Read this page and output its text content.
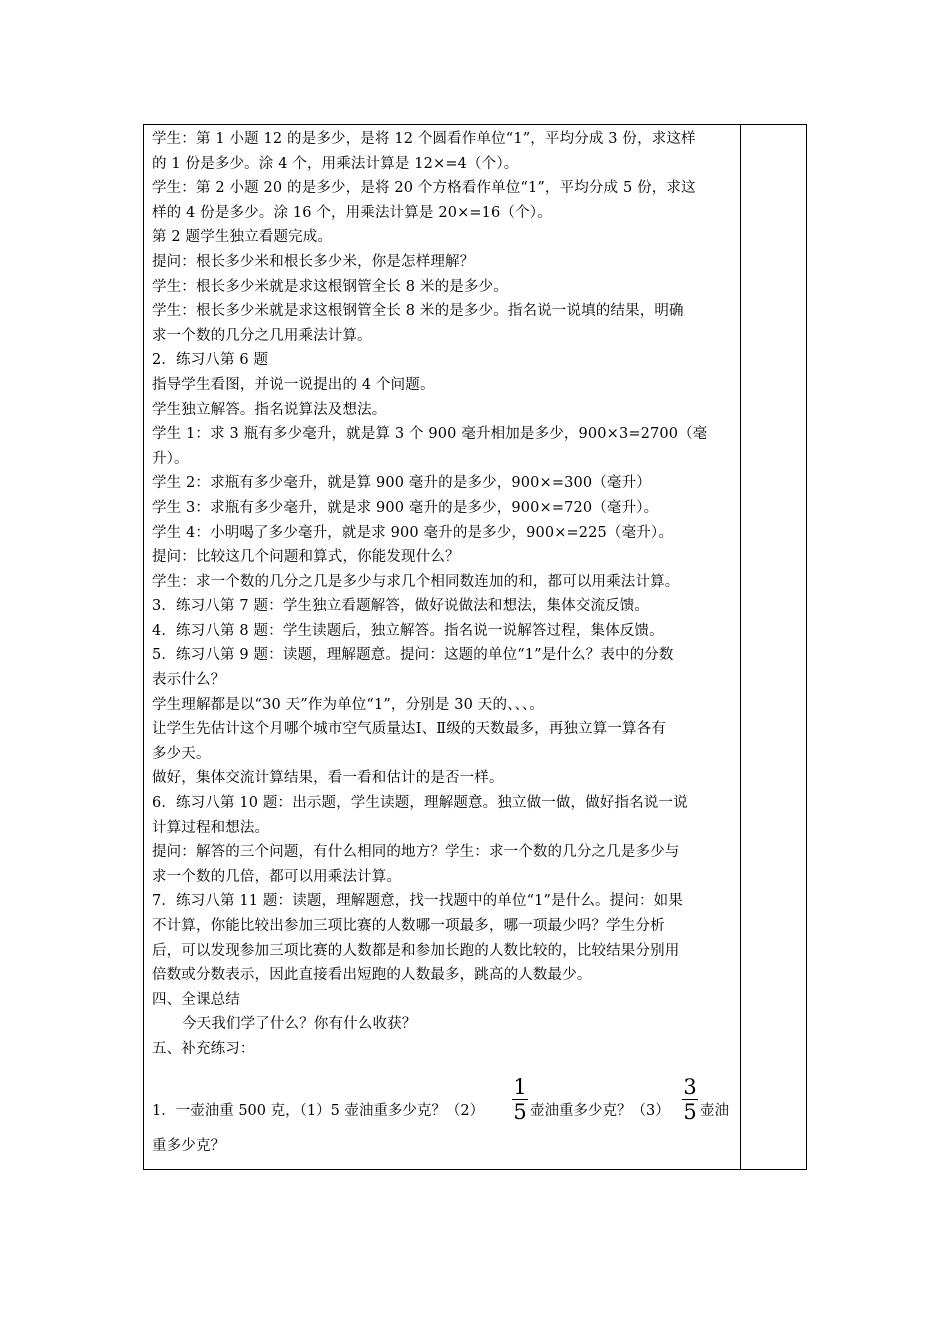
学生：第 1 小题 12 的是多少，是将 12 个圆看作单位“1”，平均分成 3 份，求这样
的 1 份是多少。涂 4 个，用乘法计算是 12×=4（个）。
学生：第 2 小题 20 的是多少，是将 20 个方格看作单位“1”，平均分成 5 份，求这
样的 4 份是多少。涂 16 个，用乘法计算是 20×=16（个）。
第 2 题学生独立看题完成。
提问：根长多少米和根长多少米，你是怎样理解？
学生：根长多少米就是求这根钢管全长 8 米的是多少。
学生：根长多少米就是求这根钢管全长 8 米的是多少。指名说一说填的结果，明确
求一个数的几分之几用乘法计算。
2．练习八第 6 题
指导学生看图，并说一说提出的 4 个问题。
学生独立解答。指名说算法及想法。
学生 1：求 3 瓶有多少毫升，就是算 3 个 900 毫升相加是多少，900×3=2700（毫
升）。
学生 2：求瓶有多少毫升，就是算 900 毫升的是多少，900×=300（毫升）
学生 3：求瓶有多少毫升，就是求 900 毫升的是多少，900×=720（毫升）。
学生 4：小明喝了多少毫升，就是求 900 毫升的是多少，900×=225（毫升）。
提问：比较这几个问题和算式，你能发现什么？
学生：求一个数的几分之几是多少与求几个相同数连加的和，都可以用乘法计算。
3．练习八第 7 题：学生独立看题解答，做好说做法和想法，集体交流反馈。
4．练习八第 8 题：学生读题后，独立解答。指名说一说解答过程，集体反馈。
5．练习八第 9 题：读题，理解题意。提问：这题的单位“1”是什么？表中的分数
表示什么？
学生理解都是以“30 天”作为单位“1”，分别是 30 天的、、、。
让学生先估计这个月哪个城市空气质量达Ⅰ、Ⅱ级的天数最多，再独立算一算各有
多少天。
做好，集体交流计算结果，看一看和估计的是否一样。
6．练习八第 10 题：出示题，学生读题，理解题意。独立做一做，做好指名说一说
计算过程和想法。
提问：解答的三个问题，有什么相同的地方？学生：求一个数的几分之几是多少与
求一个数的几倍，都可以用乘法计算。
7．练习八第 11 题：读题，理解题意，找一找题中的单位“1”是什么。提问：如果
不计算，你能比较出参加三项比赛的人数哪一项最多，哪一项最少吗？学生分析
后，可以发现参加三项比赛的人数都是和参加长跑的人数比较的，比较结果分别用
倍数或分数表示，因此直接看出短跑的人数最多，跳高的人数最少。
四、全课总结
今天我们学了什么？你有什么收获？
五、补充练习：
1．一壶油重 500 克，（1）5 壶油重多少克？$(2) \frac{1}{5}$ 壶油重多少克？$(3) \frac{3}{5}$ 壶油
重多少克？
